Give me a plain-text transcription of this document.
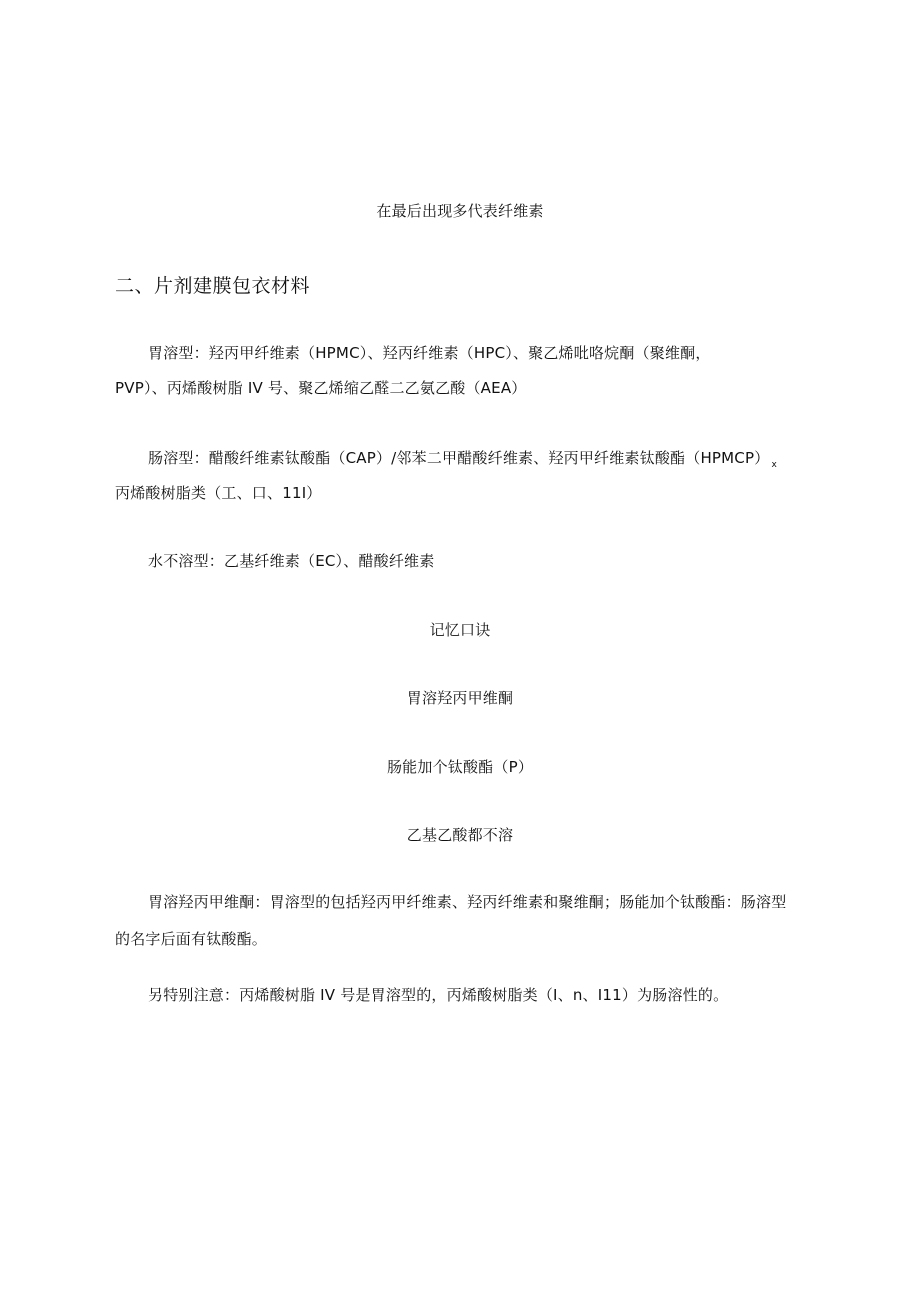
在最后出现多代表纤维素
二、片剂建膜包衣材料
胃溶型：羟丙甲纤维素（HPMC）、羟丙纤维素（HPC）、聚乙烯吡咯烷酮（聚维酮，
PVP）、丙烯酸树脂 IV 号、聚乙烯缩乙醛二乙氨乙酸（AEA）
肠溶型：醋酸纤维素钛酸酯（CAP）/邻苯二甲醋酸纤维素、羟丙甲纤维素钛酸酯（HPMCP） $_x$
丙烯酸树脂类（工、口、11I）
水不溶型：乙基纤维素（EC）、醋酸纤维素
记忆口诀
胃溶羟丙甲维酮
肠能加个钛酸酯（P）
乙基乙酸都不溶
胃溶羟丙甲维酮：胃溶型的包括羟丙甲纤维素、羟丙纤维素和聚维酮；肠能加个钛酸酯：肠溶型
的名字后面有钛酸酯。
另特别注意：丙烯酸树脂 IV 号是胃溶型的，丙烯酸树脂类（I、n、I11）为肠溶性的。
